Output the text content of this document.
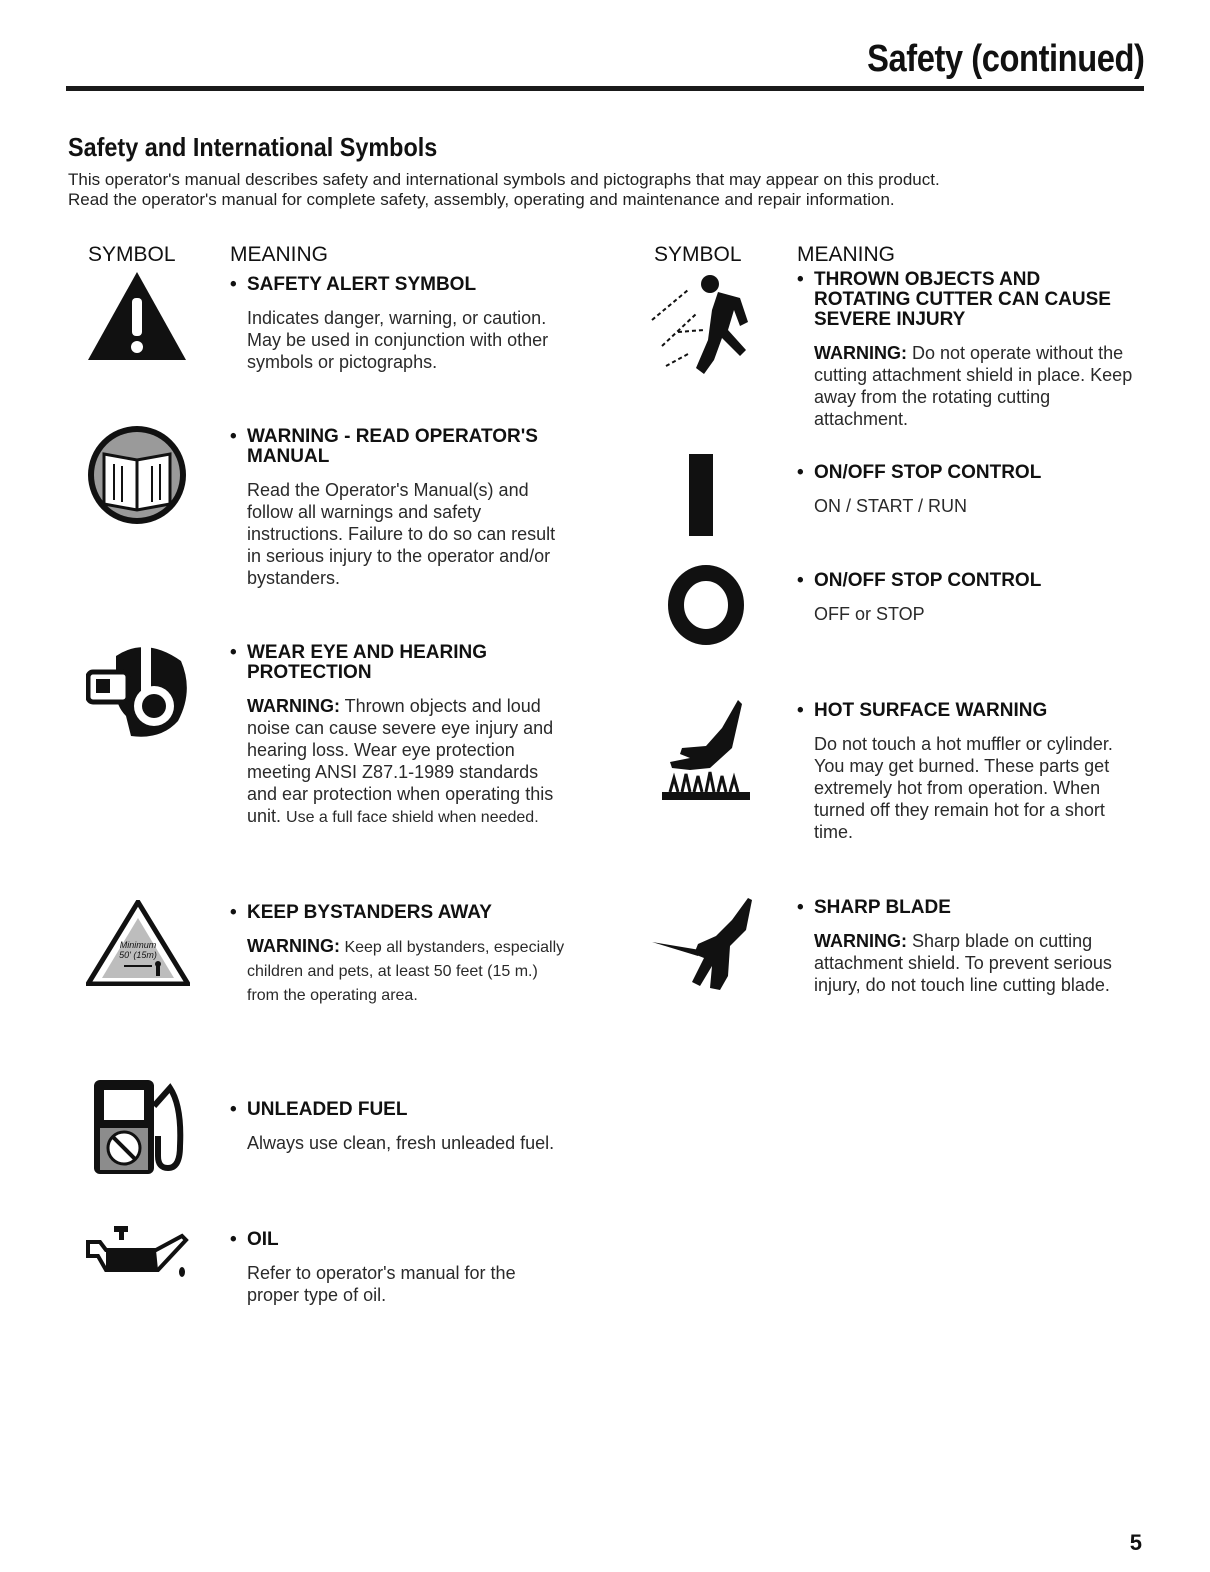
Safety (continued)
Safety and International Symbols
This operator's manual describes safety and international symbols and pictographs that may appear on this product.
Read the operator's manual for complete safety, assembly, operating and maintenance and repair information.
SYMBOL	MEANING	SYMBOL	MEANING
Minimum
50' (15m)
• SAFETY ALERT SYMBOL
Indicates danger, warning, or caution. May be used in conjunction with other symbols or pictographs.
• WARNING - READ OPERATOR'S MANUAL
Read the Operator's Manual(s) and follow all warnings and safety instructions. Failure to do so can result in serious injury to the operator and/or bystanders.
• WEAR EYE AND HEARING PROTECTION
WARNING: Thrown objects and loud noise can cause severe eye injury and hearing loss. Wear eye protection meeting ANSI Z87.1-1989 standards and ear protection when operating this unit. Use a full face shield when needed.
• KEEP BYSTANDERS AWAY
WARNING: Keep all bystanders, especially children and pets, at least 50 feet (15 m.) from the operating area.
• UNLEADED FUEL
Always use clean, fresh unleaded fuel.
• OIL
Refer to operator's manual for the proper type of oil.
• THROWN OBJECTS AND ROTATING CUTTER CAN CAUSE SEVERE INJURY
WARNING: Do not operate without the cutting attachment shield in place. Keep away from the rotating cutting attachment.
• ON/OFF STOP CONTROL
ON / START / RUN
• ON/OFF STOP CONTROL
OFF or STOP
• HOT SURFACE WARNING
Do not touch a hot muffler or cylinder. You may get burned. These parts get extremely hot from operation. When turned off they remain hot for a short time.
• SHARP BLADE
WARNING: Sharp blade on cutting attachment shield. To prevent serious injury, do not touch line cutting blade.
5
